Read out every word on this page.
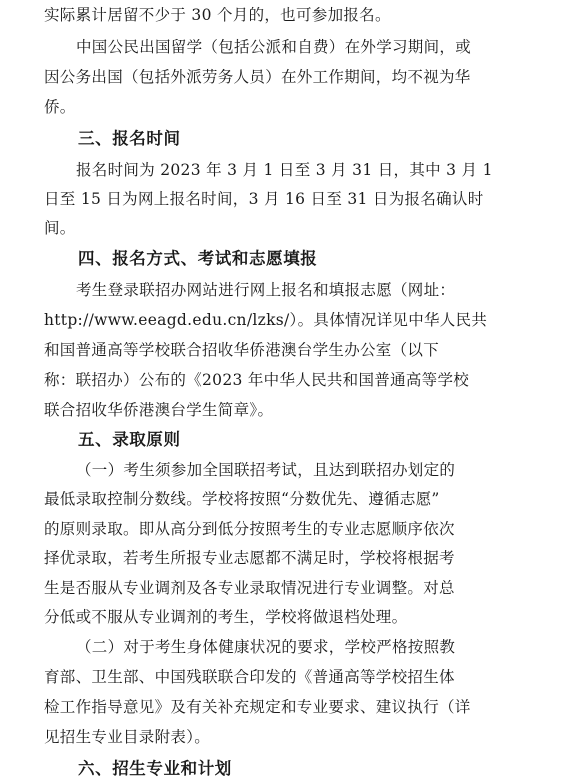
实际累计居留不少于 30 个月的，也可参加报名。
中国公民出国留学（包括公派和自费）在外学习期间，或
因公务出国（包括外派劳务人员）在外工作期间，均不视为华
侨。
三、报名时间
报名时间为 2023 年 3 月 1 日至 3 月 31 日，其中 3 月 1
日至 15 日为网上报名时间，3 月 16 日至 31 日为报名确认时
间。
四、报名方式、考试和志愿填报
考生登录联招办网站进行网上报名和填报志愿（网址：
http://www.eeagd.edu.cn/lzks/）。具体情况详见中华人民共
和国普通高等学校联合招收华侨港澳台学生办公室（以下
称：联招办）公布的《2023 年中华人民共和国普通高等学校
联合招收华侨港澳台学生简章》。
五、录取原则
（一）考生须参加全国联招考试，且达到联招办划定的
最低录取控制分数线。学校将按照“分数优先、遵循志愿”
的原则录取。即从高分到低分按照考生的专业志愿顺序依次
择优录取，若考生所报专业志愿都不满足时，学校将根据考
生是否服从专业调剂及各专业录取情况进行专业调整。对总
分低或不服从专业调剂的考生，学校将做退档处理。
（二）对于考生身体健康状况的要求，学校严格按照教
育部、卫生部、中国残联联合印发的《普通高等学校招生体
检工作指导意见》及有关补充规定和专业要求、建议执行（详
见招生专业目录附表）。
六、招生专业和计划
